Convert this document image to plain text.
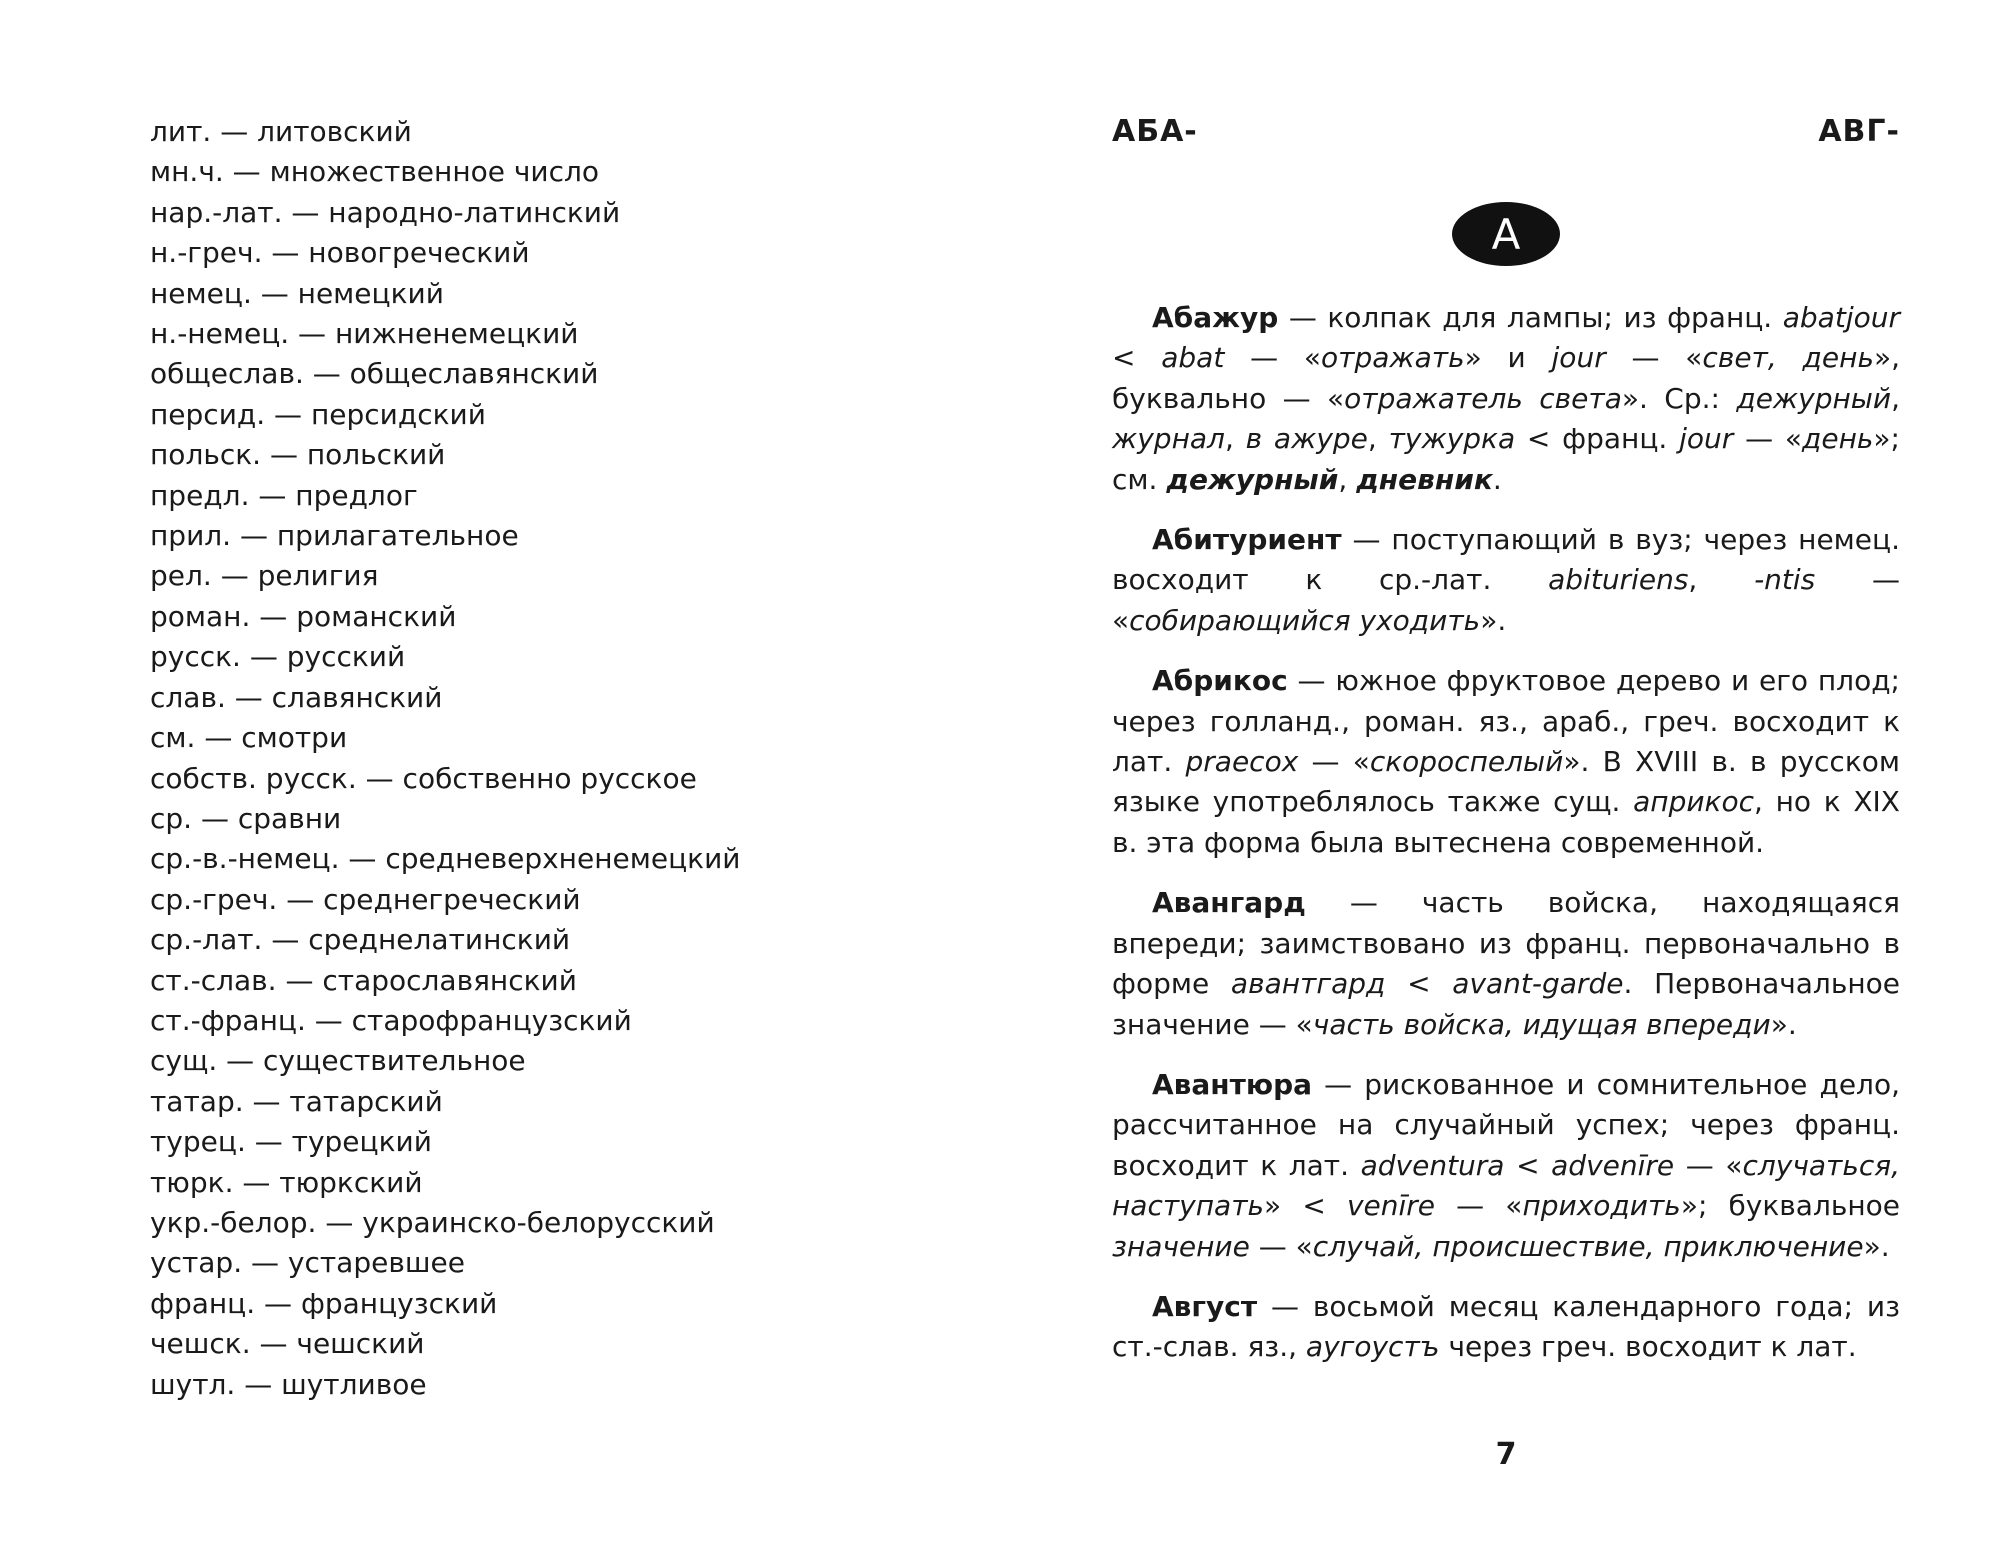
лит. — литовский
мн.ч. — множественное число
нар.-лат. — народно-латинский
н.-греч. — новогреческий
немец. — немецкий
н.-немец. — нижненемецкий
общеслав. — общеславянский
персид. — персидский
польск. — польский
предл. — предлог
прил. — прилагательное
рел. — религия
роман. — романский
русск. — русский
слав. — славянский
см. — смотри
собств. русск. — собственно русское
ср. — сравни
ср.-в.-немец. — средневерхненемецкий
ср.-греч. — среднегреческий
ср.-лат. — среднелатинский
ст.-слав. — старославянский
ст.-франц. — старофранцузский
сущ. — существительное
татар. — татарский
турец. — турецкий
тюрк. — тюркский
укр.-белор. — украинско-белорусский
устар. — устаревшее
франц. — французский
чешск. — чешский
шутл. — шутливое
АБА-	АВГ-
А

Абажур — колпак для лампы; из франц. abatjour < abat — «отражать» и jour — «свет, день», буквально — «отражатель света». Ср.: дежурный, журнал, в ажуре, тужурка < франц. jour — «день»; см. дежурный, дневник.

Абитуриент — поступающий в вуз; через немец. восходит к ср.-лат. abituriens, -ntis — «собирающийся уходить».

Абрикос — южное фруктовое дерево и его плод; через голланд., роман. яз., араб., греч. восходит к лат. praecox — «скороспелый». В XVIII в. в русском языке употреблялось также сущ. априкос, но к XIX в. эта форма была вытеснена современной.

Авангард — часть войска, находящаяся впереди; заимствовано из франц. первоначально в форме авантгард < avant-garde. Первоначальное значение — «часть войска, идущая впереди».

Авантюра — рискованное и сомнительное дело, рассчитанное на случайный успех; через франц. восходит к лат. adventura < advenīre — «случаться, наступать» < venīre — «приходить»; буквальное значение — «случай, происшествие, приключение».

Август — восьмой месяц календарного года; из ст.-слав. яз., аугоустъ через греч. восходит к лат.

7
